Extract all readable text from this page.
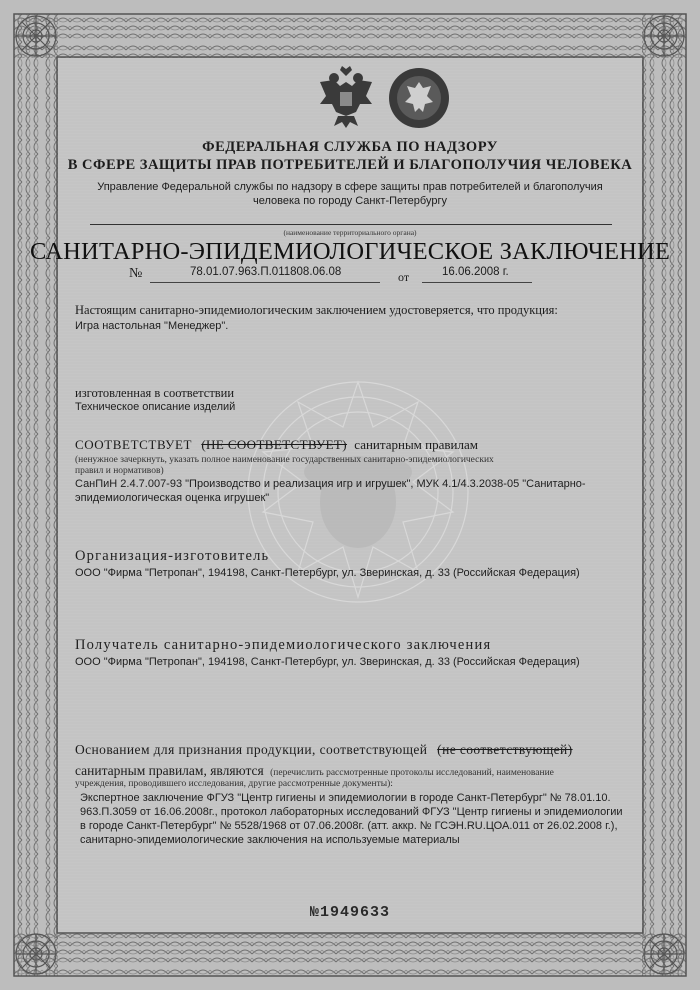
ФЕДЕРАЛЬНАЯ СЛУЖБА ПО НАДЗОРУ
В СФЕРЕ ЗАЩИТЫ ПРАВ ПОТРЕБИТЕЛЕЙ И БЛАГОПОЛУЧИЯ ЧЕЛОВЕКА
Управление Федеральной службы по надзору в сфере защиты прав потребителей и благополучия
человека по городу Санкт-Петербургу
(наименование территориального органа)
САНИТАРНО-ЭПИДЕМИОЛОГИЧЕСКОЕ ЗАКЛЮЧЕНИЕ
№	78.01.07.963.П.011808.06.08	от	16.06.2008 г.
Настоящим санитарно-эпидемиологическим заключением удостоверяется, что продукция:
Игра настольная "Менеджер".
изготовленная в соответствии
Техническое описание изделий
СООТВЕТСТВУЕТ (НЕ СООТВЕТСТВУЕТ) санитарным правилам
(ненужное зачеркнуть, указать полное наименование государственных санитарно-эпидемиологических
правил и нормативов)
СанПиН 2.4.7.007-93 "Производство и реализация игр и игрушек", МУК 4.1/4.3.2038-05 "Санитарно-
эпидемиологическая оценка игрушек"
Организация-изготовитель
ООО "Фирма "Петропан", 194198, Санкт-Петербург, ул. Зверинская, д. 33 (Российская Федерация)
Получатель санитарно-эпидемиологического заключения
ООО "Фирма "Петропан", 194198, Санкт-Петербург, ул. Зверинская, д. 33 (Российская Федерация)
Основанием для признания продукции, соответствующей (не соответствующей)
санитарным правилам, являются (перечислить рассмотренные протоколы исследований, наименование
учреждения, проводившего исследования, другие рассмотренные документы):
Экспертное заключение ФГУЗ "Центр гигиены и эпидемиологии в городе Санкт-Петербург" № 78.01.10.
963.П.3059 от 16.06.2008г., протокол лабораторных исследований ФГУЗ "Центр гигиены и эпидемиологии
в городе Санкт-Петербург" № 5528/1968 от 07.06.2008г. (атт. аккр. № ГСЭН.RU.ЦОА.011 от 26.02.2008 г.),
санитарно-эпидемиологические заключения на используемые материалы
№1949633
